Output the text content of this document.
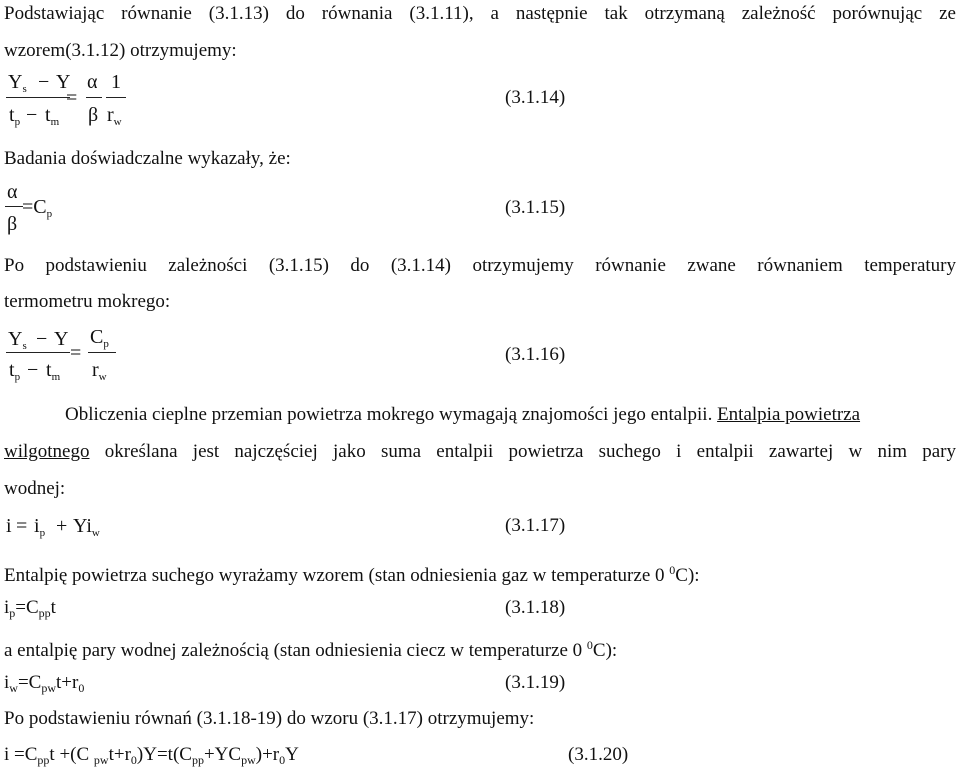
Podstawiając równanie (3.1.13) do równania (3.1.11), a następnie tak otrzymaną zależność porównując ze
wzorem(3.1.12) otrzymujemy:
$Y_s - Y$
$t_p - t_m$
=
α
β
1
$r_w$
(3.1.14)
Badania doświadczalne wykazały, że:
α
β
$=C_p$	(3.1.15)
Po podstawieniu zależności (3.1.15) do (3.1.14) otrzymujemy równanie zwane równaniem temperatury
termometru mokrego:
$Y_s - Y$
$t_p - t_m$
=
$C_p$
$r_w$
(3.1.16)
Obliczenia cieplne przemian powietrza mokrego wymagają znajomości jego entalpii. Entalpia powietrza
wilgotnego określana jest najczęściej jako suma entalpii powietrza suchego i entalpii zawartej w nim pary
wodnej:
$i = i_p + Yi_w$	(3.1.17)
Entalpię powietrza suchego wyrażamy wzorem (stan odniesienia gaz w temperaturze 0 $^0$C):
$i_p=C_{pp}t$	(3.1.18)
a entalpię pary wodnej zależnością (stan odniesienia ciecz w temperaturze 0 $^0$C):
$i_w=C_{pw}t+r_0$	(3.1.19)
Po podstawieniu równań (3.1.18-19) do wzoru (3.1.17) otrzymujemy:
$i =C_{pp}t +(C$ $_{pw}t+r_0)Y=t(C_{pp}+YC_{pw})+r_0Y$	(3.1.20)
